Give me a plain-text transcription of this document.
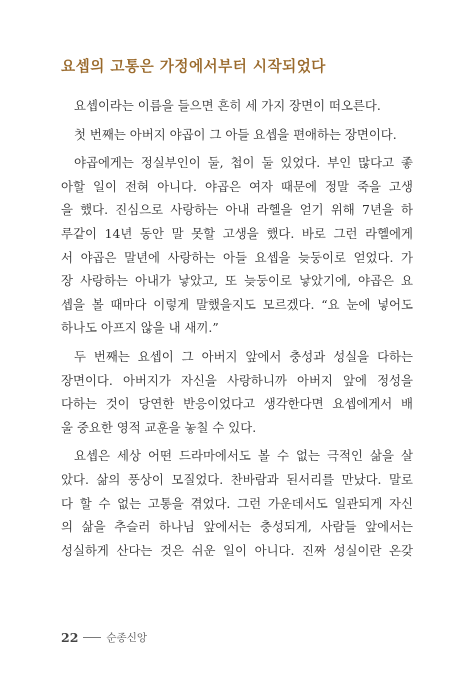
요셉의 고통은 가정에서부터 시작되었다

요셉이라는 이름을 들으면 흔히 세 가지 장면이 떠오른다.

첫 번째는 아버지 야곱이 그 아들 요셉을 편애하는 장면이다.

야곱에게는 정실부인이 둘, 첩이 둘 있었다. 부인 많다고 좋
아할 일이 전혀 아니다. 야곱은 여자 때문에 정말 죽을 고생
을 했다. 진심으로 사랑하는 아내 라헬을 얻기 위해 7년을 하
루같이 14년 동안 말 못할 고생을 했다. 바로 그런 라헬에게
서 야곱은 말년에 사랑하는 아들 요셉을 늦둥이로 얻었다. 가
장 사랑하는 아내가 낳았고, 또 늦둥이로 낳았기에, 야곱은 요
셉을 볼 때마다 이렇게 말했을지도 모르겠다. “요 눈에 넣어도
하나도 아프지 않을 내 새끼.”

두 번째는 요셉이 그 아버지 앞에서 충성과 성실을 다하는
장면이다. 아버지가 자신을 사랑하니까 아버지 앞에 정성을
다하는 것이 당연한 반응이었다고 생각한다면 요셉에게서 배
울 중요한 영적 교훈을 놓칠 수 있다.

요셉은 세상 어떤 드라마에서도 볼 수 없는 극적인 삶을 살
았다. 삶의 풍상이 모질었다. 찬바람과 된서리를 만났다. 말로
다 할 수 없는 고통을 겪었다. 그런 가운데서도 일관되게 자신
의 삶을 추슬러 하나님 앞에서는 충성되게, 사람들 앞에서는
성실하게 산다는 것은 쉬운 일이 아니다. 진짜 성실이란 온갖

22	순종신앙
